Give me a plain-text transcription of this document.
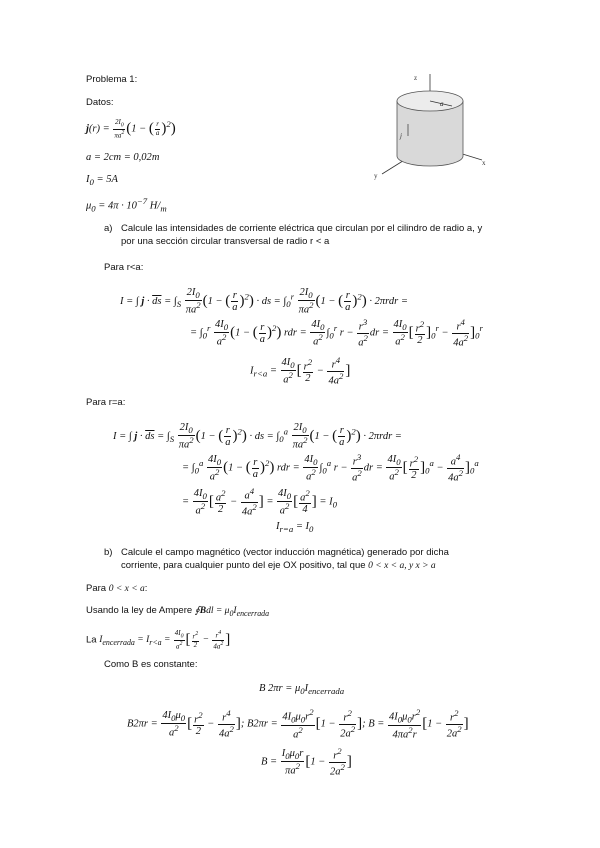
Problema 1:
Datos:
$j(r) = \frac{2I_0}{\pi a^2} (1$ − ( $\frac{r}{a} )^2$)
a = 2cm = 0,02m
$I_0 = 5A$
$\mu_0 = 4\pi \cdot 10^{-7}$ $H/_m$
z
x
y
a
j
a) Calcule las intensidades de corriente eléctrica que circulan por el cilindro de radio a, y
por una sección circular transversal de radio r < a
Para r<a:
I = ∫ $j \cdot \overline{ds} = \int_S \frac{2I_0}{\pi a^2} (1$ − ( $\frac{r}{a} )^2$) · ds = $\int_0^r \frac{2I_0}{\pi a^2} (1$ − ( $\frac{r}{a} )^2) \cdot 2\pi rdr$ =
= $\int_0^r \frac{4I_0}{a^2} (1$ − ( $\frac{r}{a} )^2$) rdr = $\frac{4I_0}{a^2} \int_0^r$ $r - \frac{r^3}{a^2}$ dr = $\frac{4I_0}{a^2}$ [ $\frac{r^2}{2} ]_0^r - \frac{r^4}{4a^2} ]_0^r$
$I_{r<a} = \frac{4I_0}{a^2}$ [ $\frac{r^2}{2} - \frac{r^4}{4a^2}$ ]
Para r=a:
I = ∫ $j \cdot \overline{ds} = \int_S \frac{2I_0}{\pi a^2} (1$ − ( $\frac{r}{a} )^2$) · ds = $\int_0^a \frac{2I_0}{\pi a^2} (1$ − ( $\frac{r}{a} )^2) \cdot 2\pi rdr$ =
= $\int_0^a \frac{4I_0}{a^2} (1$ − ( $\frac{r}{a} )^2$) rdr = $\frac{4I_0}{a^2} \int_0^a$ $r - \frac{r^3}{a^2}$ dr = $\frac{4I_0}{a^2}$ [ $\frac{r^2}{2} ]_0^a - \frac{a^4}{4a^2} ]_0^a$
= $\frac{4I_0}{a^2}$ [ $\frac{a^2}{2} - \frac{a^4}{4a^2}$ ] = $\frac{4I_0}{a^2}$ [ $\frac{a^2}{4}$ ] = $I_0$
$I_{r=a} = I_0$
b) Calcule el campo magnético (vector inducción magnética) generado por dicha
corriente, para cualquier punto del eje OX positivo, tal que 0 < x < a, y x > a
Para 0 < x < a:
Usando la ley de Ampere ∮Bdl = $\mu_0I_{encerrada}$
La $I_{encerrada} = I_{r<a} = \frac{4I_0}{a^2}$ [ $\frac{r^2}{2} - \frac{r^4}{4a^2}$ ]
Como B es constante:
B $2\pi r = \mu_0I_{encerrada}$
$B2\pi r = \frac{4I_0\mu_0}{a^2}$ [ $\frac{r^2}{2} - \frac{r^4}{4a^2}$ ]; $B2\pi r = \frac{4I_0\mu_0r^2}{a^2} [1 - \frac{r^2}{2a^2}$ ]; $B = \frac{4I_0\mu_0r^2}{4\pi a^2r} [1 - \frac{r^2}{2a^2}$ ]
$B = \frac{I_0\mu_0r}{\pi a^2} [1 - \frac{r^2}{2a^2}$ ]
